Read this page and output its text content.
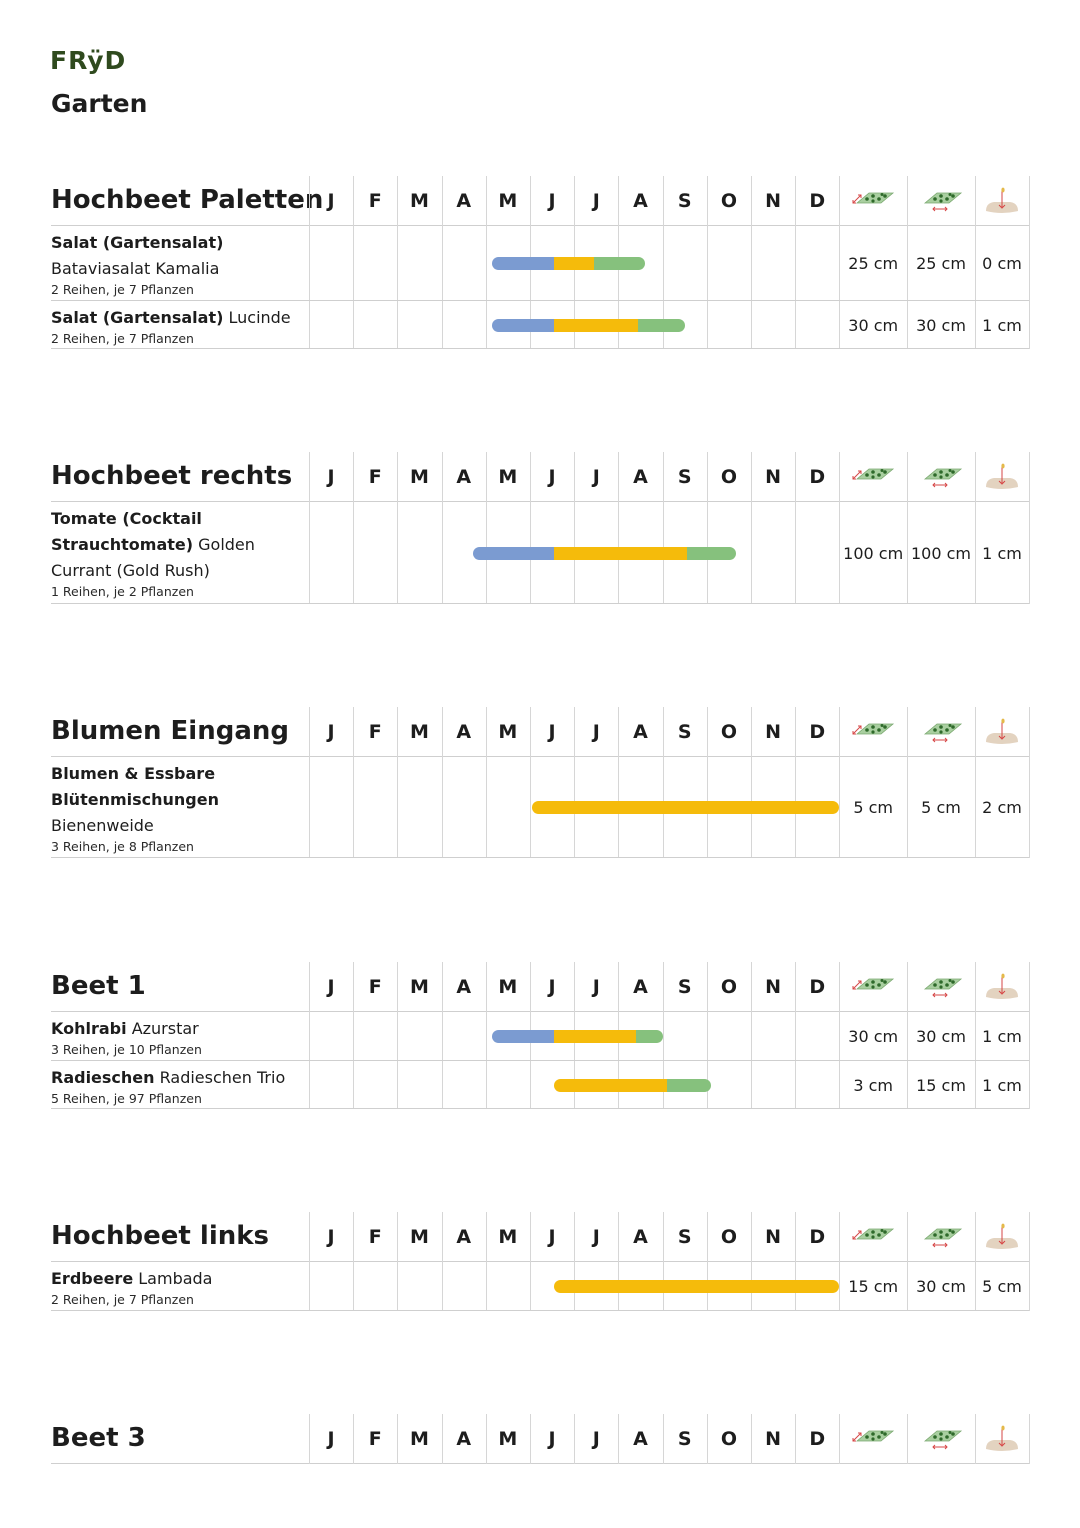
FRÿD
Garten
Hochbeet Paletten J	F	M	A	M	J	J	A	S	O	N	D
Salat (Gartensalat)
Bataviasalat Kamalia
2 Reihen, je 7 Pflanzen
25 cm	25 cm	0 cm
Salat (Gartensalat) Lucinde
2 Reihen, je 7 Pflanzen
30 cm	30 cm	1 cm
Hochbeet rechts	J	F	M	A	M	J	J	A	S	O	N	D
Tomate (Cocktail Strauchtomate) Golden Currant (Gold Rush)
1 Reihen, je 2 Pflanzen
100 cm 100 cm 1 cm
Blumen Eingang	J	F	M	A	M	J	J	A	S	O	N	D
Blumen & Essbare Blütenmischungen
Bienenweide
3 Reihen, je 8 Pflanzen
5 cm	5 cm	2 cm
Beet 1	J	F	M	A	M	J	J	A	S	O	N	D
Kohlrabi Azurstar
3 Reihen, je 10 Pflanzen
30 cm	30 cm	1 cm
Radieschen Radieschen Trio
5 Reihen, je 97 Pflanzen
3 cm	15 cm	1 cm
Hochbeet links	J	F	M	A	M	J	J	A	S	O	N	D
Erdbeere Lambada
2 Reihen, je 7 Pflanzen
15 cm	30 cm	5 cm
Beet 3	J	F	M	A	M	J	J	A	S	O	N	D
